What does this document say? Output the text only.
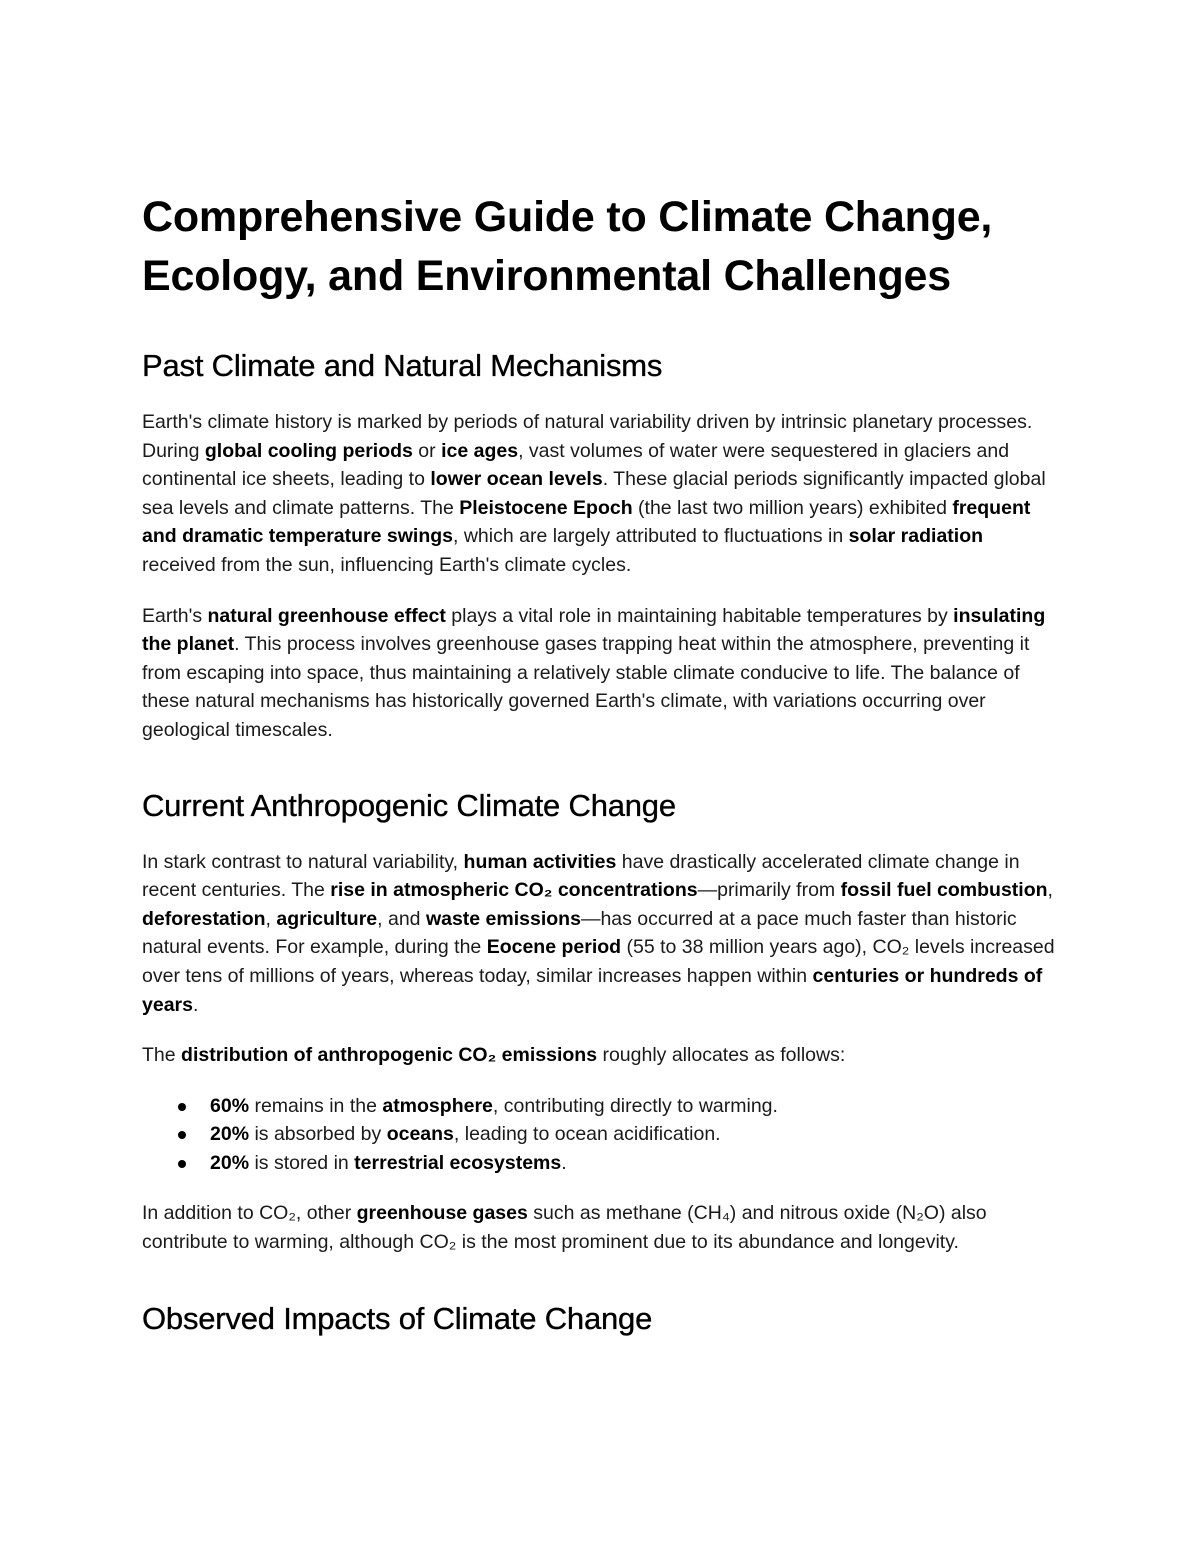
Comprehensive Guide to Climate Change, Ecology, and Environmental Challenges
Past Climate and Natural Mechanisms

Earth's climate history is marked by periods of natural variability driven by intrinsic planetary processes. During global cooling periods or ice ages, vast volumes of water were sequestered in glaciers and continental ice sheets, leading to lower ocean levels. These glacial periods significantly impacted global sea levels and climate patterns. The Pleistocene Epoch (the last two million years) exhibited frequent and dramatic temperature swings, which are largely attributed to fluctuations in solar radiation received from the sun, influencing Earth's climate cycles.

Earth's natural greenhouse effect plays a vital role in maintaining habitable temperatures by insulating the planet. This process involves greenhouse gases trapping heat within the atmosphere, preventing it from escaping into space, thus maintaining a relatively stable climate conducive to life. The balance of these natural mechanisms has historically governed Earth's climate, with variations occurring over geological timescales.

Current Anthropogenic Climate Change

In stark contrast to natural variability, human activities have drastically accelerated climate change in recent centuries. The rise in atmospheric CO₂ concentrations—primarily from fossil fuel combustion, deforestation, agriculture, and waste emissions—has occurred at a pace much faster than historic natural events. For example, during the Eocene period (55 to 38 million years ago), CO₂ levels increased over tens of millions of years, whereas today, similar increases happen within centuries or hundreds of years.

The distribution of anthropogenic CO₂ emissions roughly allocates as follows:

60% remains in the atmosphere, contributing directly to warming.
20% is absorbed by oceans, leading to ocean acidification.
20% is stored in terrestrial ecosystems.

In addition to CO₂, other greenhouse gases such as methane (CH₄) and nitrous oxide (N₂O) also contribute to warming, although CO₂ is the most prominent due to its abundance and longevity.

Observed Impacts of Climate Change
